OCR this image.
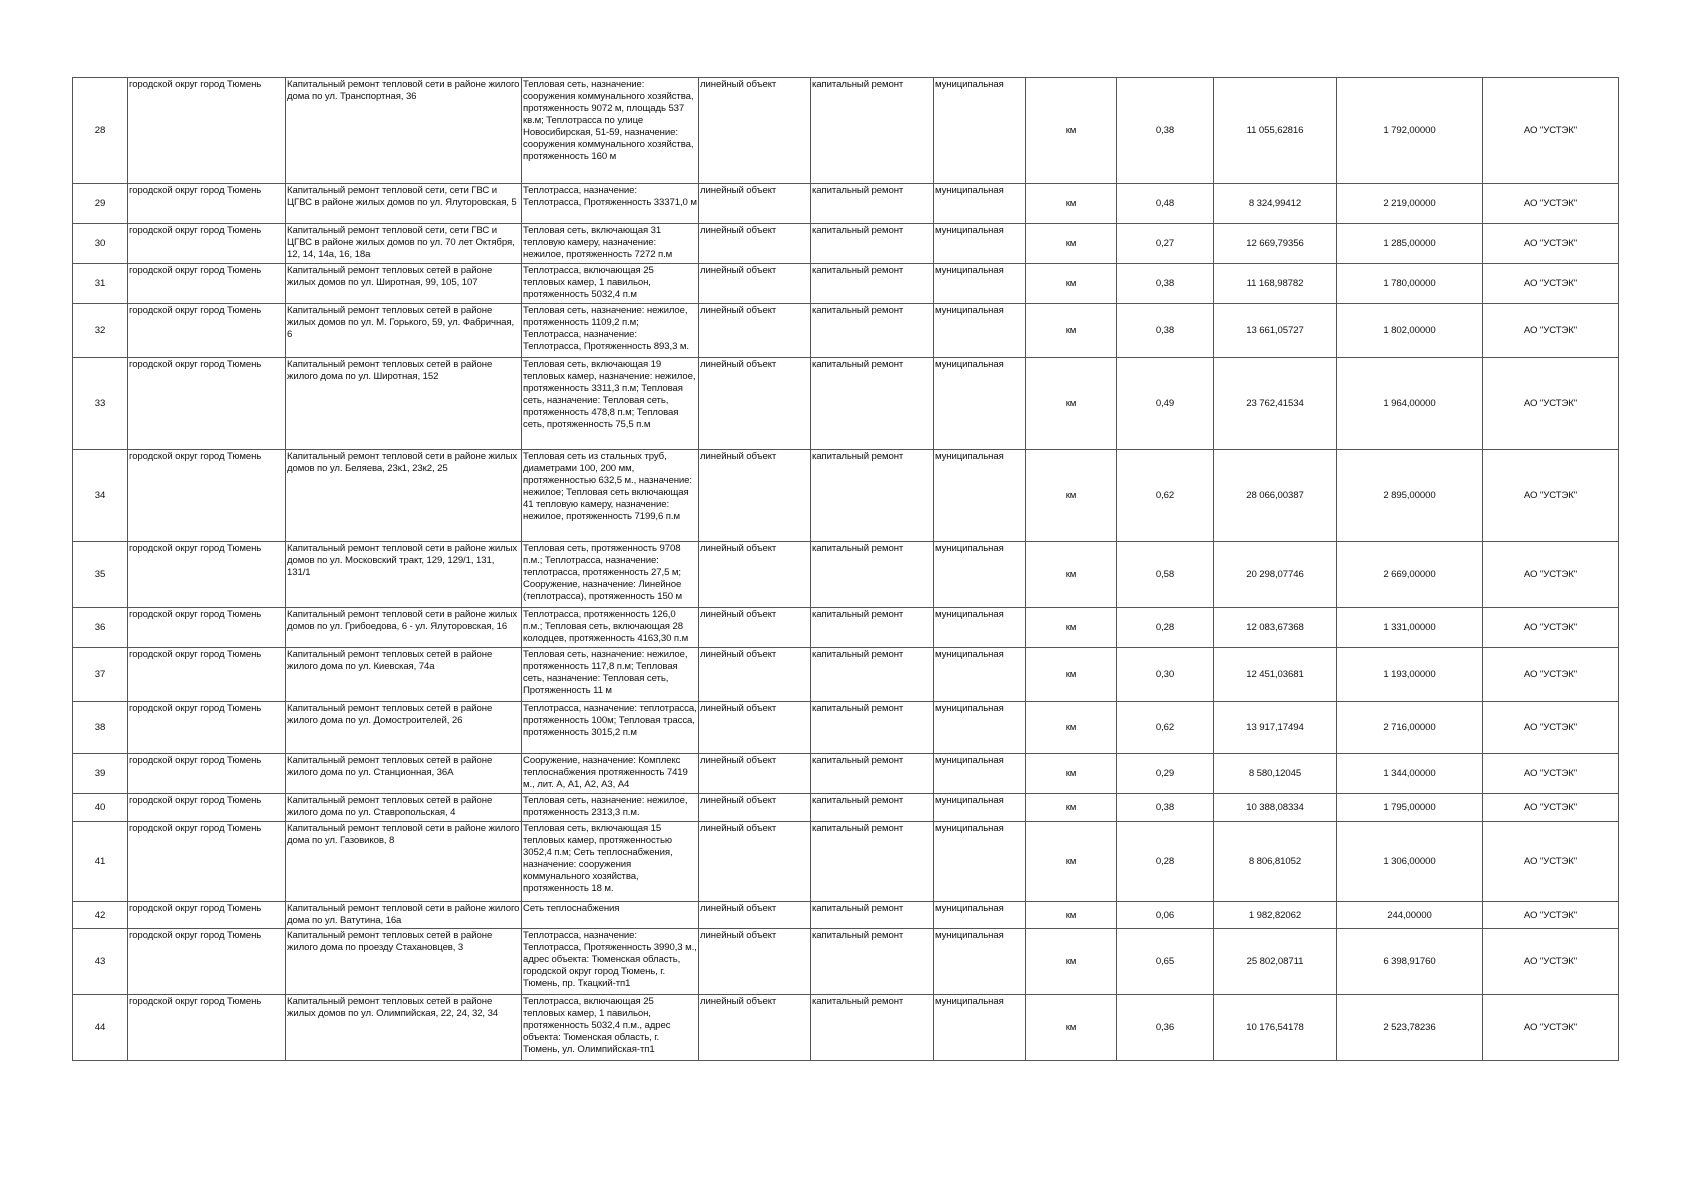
28	городской округ город Тюмень	Капитальный ремонт тепловой сети в районе жилого дома по ул. Транспортная, 36	Тепловая сеть, назначение: сооружения коммунального хозяйства, протяженность 9072 м, площадь 537 кв.м; Теплотрасса по улице Новосибирская, 51-59, назначение: сооружения коммунального хозяйства, протяженность 160 м	линейный объект	капитальный ремонт	муниципальная	км	0,38	11 055,62816	1 792,00000	АО "УСТЭК"
29	городской округ город Тюмень	Капитальный ремонт тепловой сети, сети ГВС и ЦГВС в районе жилых домов по ул. Ялуторовская, 5	Теплотрасса, назначение: Теплотрасса, Протяженность 33371,0 м	линейный объект	капитальный ремонт	муниципальная	км	0,48	8 324,99412	2 219,00000	АО "УСТЭК"
30	городской округ город Тюмень	Капитальный ремонт тепловой сети, сети ГВС и ЦГВС в районе жилых домов по ул. 70 лет Октября, 12, 14, 14а, 16, 18а	Тепловая сеть, включающая 31 тепловую камеру, назначение: нежилое, протяженность 7272 п.м	линейный объект	капитальный ремонт	муниципальная	км	0,27	12 669,79356	1 285,00000	АО "УСТЭК"
31	городской округ город Тюмень	Капитальный ремонт тепловых сетей в районе жилых домов по ул. Широтная, 99, 105, 107	Теплотрасса, включающая 25 тепловых камер, 1 павильон, протяженность 5032,4 п.м	линейный объект	капитальный ремонт	муниципальная	км	0,38	11 168,98782	1 780,00000	АО "УСТЭК"
32	городской округ город Тюмень	Капитальный ремонт тепловых сетей в районе жилых домов по ул. М. Горького, 59, ул. Фабричная, 6	Тепловая сеть, назначение: нежилое, протяженность 1109,2 п.м; Теплотрасса, назначение: Теплотрасса, Протяженность 893,3 м.	линейный объект	капитальный ремонт	муниципальная	км	0,38	13 661,05727	1 802,00000	АО "УСТЭК"
33	городской округ город Тюмень	Капитальный ремонт тепловых сетей в районе жилого дома по ул. Широтная, 152	Тепловая сеть, включающая 19 тепловых камер, назначение: нежилое, протяженность 3311,3 п.м; Тепловая сеть, назначение: Тепловая сеть, протяженность 478,8 п.м; Тепловая сеть, протяженность 75,5 п.м	линейный объект	капитальный ремонт	муниципальная	км	0,49	23 762,41534	1 964,00000	АО "УСТЭК"
34	городской округ город Тюмень	Капитальный ремонт тепловой сети в районе жилых домов по ул. Беляева, 23к1, 23к2, 25	Тепловая сеть из стальных труб, диаметрами 100, 200 мм, протяженностью 632,5 м., назначение: нежилое; Тепловая сеть включающая 41 тепловую камеру, назначение: нежилое, протяженность 7199,6 п.м	линейный объект	капитальный ремонт	муниципальная	км	0,62	28 066,00387	2 895,00000	АО "УСТЭК"
35	городской округ город Тюмень	Капитальный ремонт тепловой сети в районе жилых домов по ул. Московский тракт, 129, 129/1, 131, 131/1	Тепловая сеть, протяженность 9708 п.м.; Теплотрасса, назначение: теплотрасса, протяженность 27,5 м; Сооружение, назначение: Линейное (теплотрасса), протяженность 150 м	линейный объект	капитальный ремонт	муниципальная	км	0,58	20 298,07746	2 669,00000	АО "УСТЭК"
36	городской округ город Тюмень	Капитальный ремонт тепловой сети в районе жилых домов по ул. Грибоедова, 6 - ул. Ялуторовская, 16	Теплотрасса, протяженность 126,0 п.м.; Тепловая сеть, включающая 28 колодцев, протяженность 4163,30 п.м	линейный объект	капитальный ремонт	муниципальная	км	0,28	12 083,67368	1 331,00000	АО "УСТЭК"
37	городской округ город Тюмень	Капитальный ремонт тепловых сетей в районе жилого дома по ул. Киевская, 74а	Тепловая сеть, назначение: нежилое, протяженность 117,8 п.м; Тепловая сеть, назначение: Тепловая сеть, Протяженность 11 м	линейный объект	капитальный ремонт	муниципальная	км	0,30	12 451,03681	1 193,00000	АО "УСТЭК"
38	городской округ город Тюмень	Капитальный ремонт тепловых сетей в районе жилого дома по ул. Домостроителей, 26	Теплотрасса, назначение: теплотрасса, протяженность 100м; Тепловая трасса, протяженность 3015,2 п.м	линейный объект	капитальный ремонт	муниципальная	км	0,62	13 917,17494	2 716,00000	АО "УСТЭК"
39	городской округ город Тюмень	Капитальный ремонт тепловых сетей в районе жилого дома по ул. Станционная, 36А	Сооружение, назначение: Комплекс теплоснабжения протяженность 7419 м., лит. А, А1, А2, А3, А4	линейный объект	капитальный ремонт	муниципальная	км	0,29	8 580,12045	1 344,00000	АО "УСТЭК"
40	городской округ город Тюмень	Капитальный ремонт тепловых сетей в районе жилого дома по ул. Ставропольская, 4	Тепловая сеть, назначение: нежилое, протяженность 2313,3 п.м.	линейный объект	капитальный ремонт	муниципальная	км	0,38	10 388,08334	1 795,00000	АО "УСТЭК"
41	городской округ город Тюмень	Капитальный ремонт тепловой сети в районе жилого дома по ул. Газовиков, 8	Тепловая сеть, включающая 15 тепловых камер, протяженностью 3052,4 п.м; Сеть теплоснабжения, назначение: сооружения коммунального хозяйства, протяженность 18 м.	линейный объект	капитальный ремонт	муниципальная	км	0,28	8 806,81052	1 306,00000	АО "УСТЭК"
42	городской округ город Тюмень	Капитальный ремонт тепловой сети в районе жилого дома по ул. Ватутина, 16а	Сеть теплоснабжения	линейный объект	капитальный ремонт	муниципальная	км	0,06	1 982,82062	244,00000	АО "УСТЭК"
43	городской округ город Тюмень	Капитальный ремонт тепловых сетей в районе жилого дома по проезду Стахановцев, 3	Теплотрасса, назначение: Теплотрасса, Протяженность 3990,3 м., адрес объекта: Тюменская область, городской округ город Тюмень, г. Тюмень, пр. Ткацкий-тп1	линейный объект	капитальный ремонт	муниципальная	км	0,65	25 802,08711	6 398,91760	АО "УСТЭК"
44	городской округ город Тюмень	Капитальный ремонт тепловых сетей в районе жилых домов по ул. Олимпийская, 22, 24, 32, 34	Теплотрасса, включающая 25 тепловых камер, 1 павильон, протяженность 5032,4 п.м., адрес объекта: Тюменская область, г. Тюмень, ул. Олимпийская-тп1	линейный объект	капитальный ремонт	муниципальная	км	0,36	10 176,54178	2 523,78236	АО "УСТЭК"
